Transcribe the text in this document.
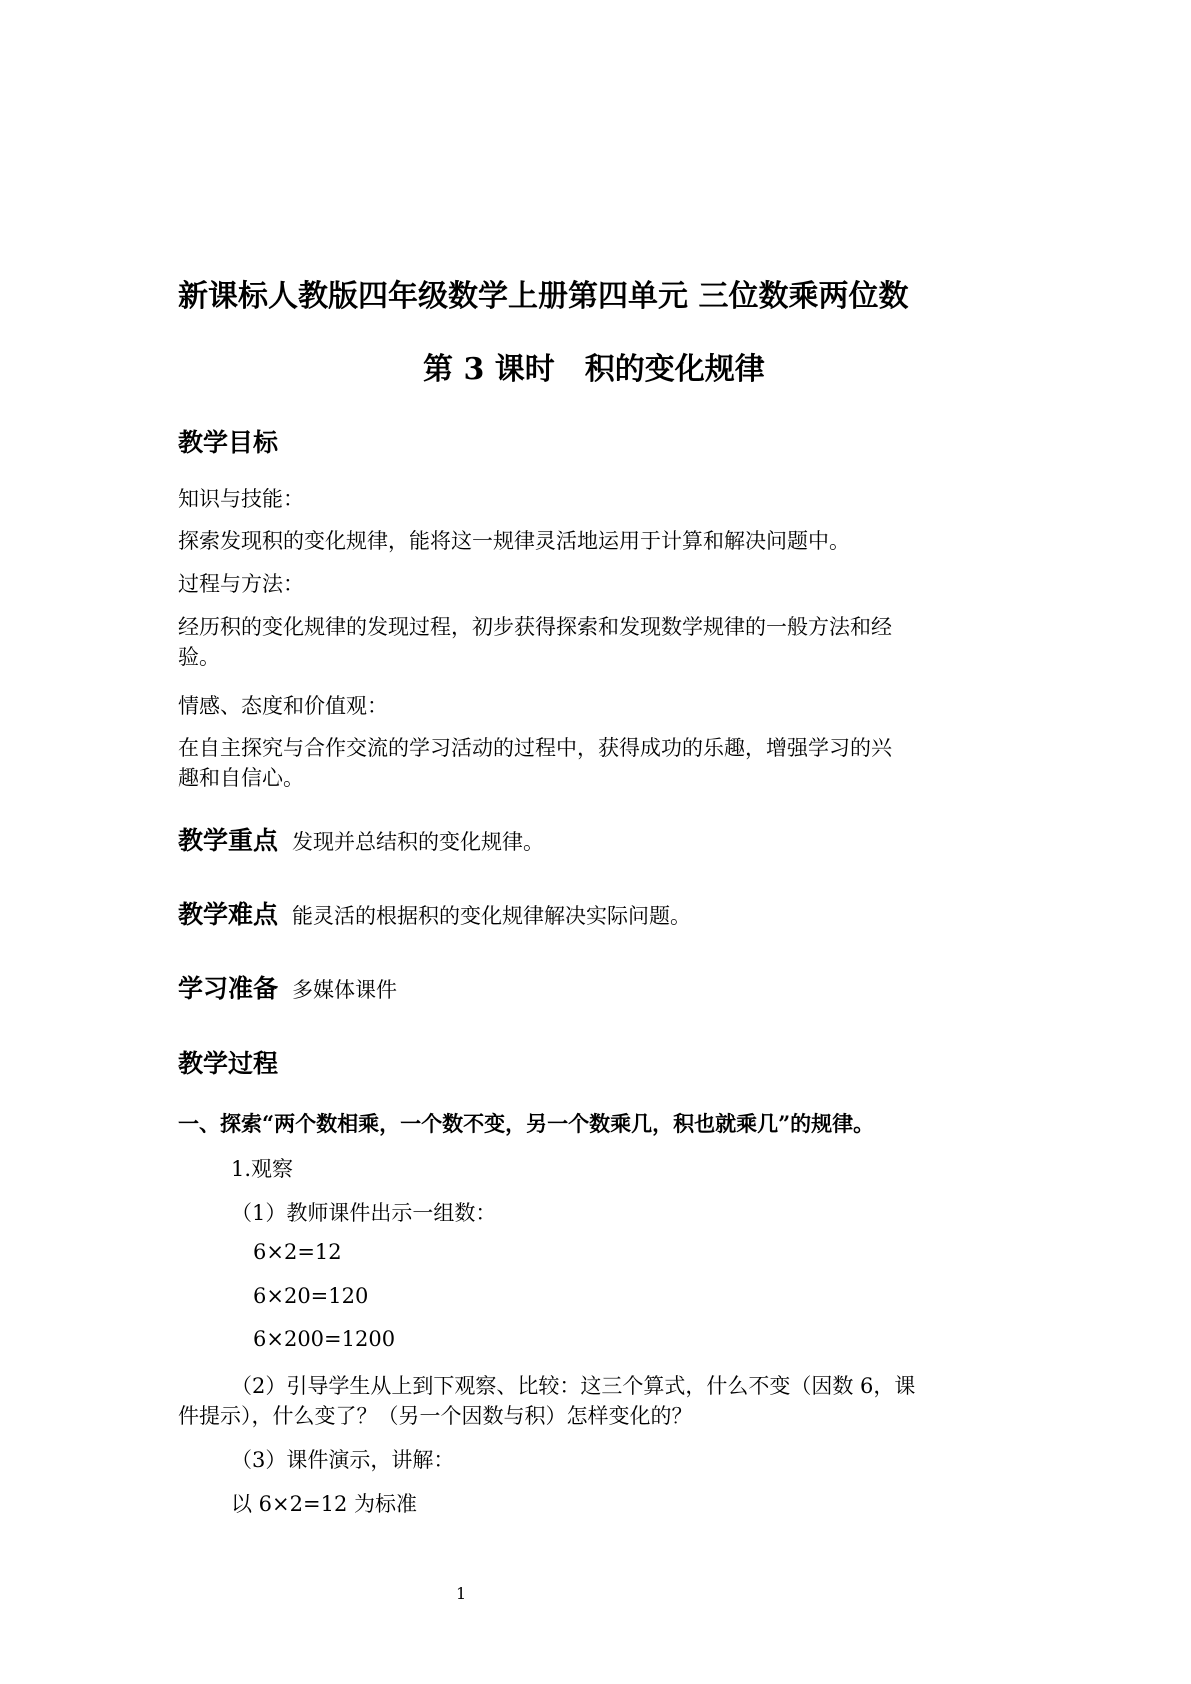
新课标人教版四年级数学上册第四单元 三位数乘两位数
第 3 课时　积的变化规律
教学目标
知识与技能：
探索发现积的变化规律，能将这一规律灵活地运用于计算和解决问题中。
过程与方法：
经历积的变化规律的发现过程，初步获得探索和发现数学规律的一般方法和经
验。
情感、态度和价值观：
在自主探究与合作交流的学习活动的过程中，获得成功的乐趣，增强学习的兴
趣和自信心。
教学重点 发现并总结积的变化规律。
教学难点 能灵活的根据积的变化规律解决实际问题。
学习准备 多媒体课件
教学过程
一、探索“两个数相乘，一个数不变，另一个数乘几，积也就乘几”的规律。
1.观察
（1）教师课件出示一组数：
6×2=12
6×20=120
6×200=1200
（2）引导学生从上到下观察、比较：这三个算式，什么不变（因数 6，课
件提示），什么变了？（另一个因数与积）怎样变化的？
（3）课件演示，讲解：
以 6×2=12 为标准
1
